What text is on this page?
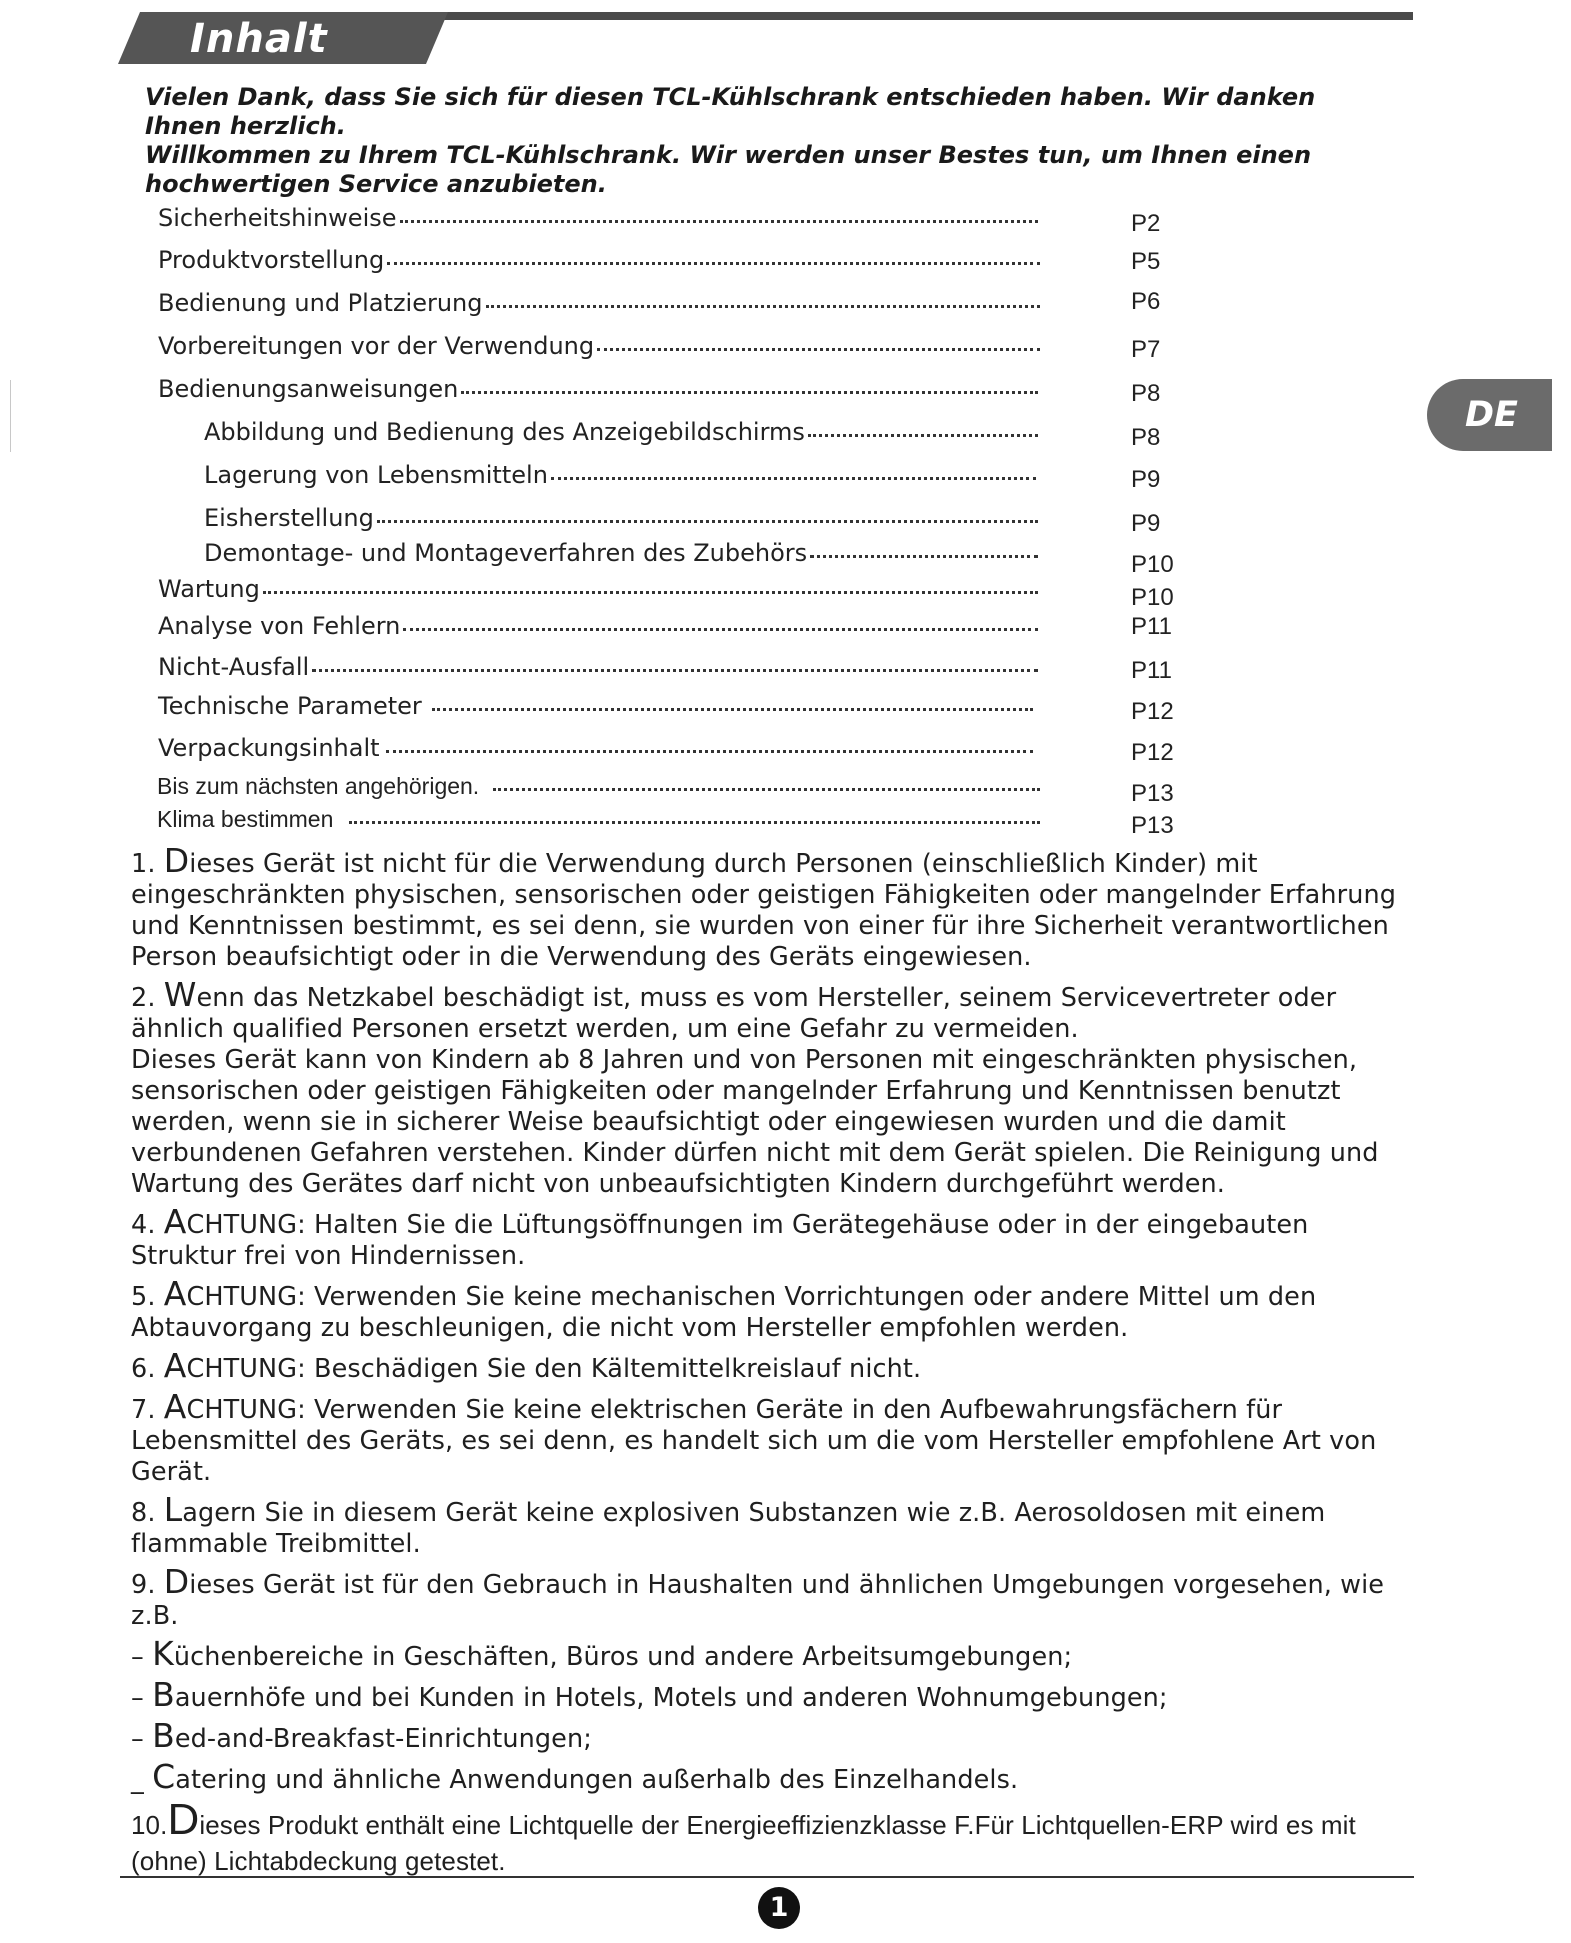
Inhalt
DE

Vielen Dank, dass Sie sich für diesen TCL-Kühlschrank entschieden haben. Wir danken Ihnen herzlich.

Willkommen zu Ihrem TCL-Kühlschrank. Wir werden unser Bestes tun, um Ihnen einen hochwertigen Service anzubieten.

Sicherheitshinweise	P2
Produktvorstellung	P5
Bedienung und Platzierung	P6
Vorbereitungen vor der Verwendung	P7
Bedienungsanweisungen	P8
Abbildung und Bedienung des Anzeigebildschirms	P8
Lagerung von Lebensmitteln	P9
Eisherstellung	P9
Demontage- und Montageverfahren des Zubehörs	P10
Wartung	P10
Analyse von Fehlern	P11
Nicht-Ausfall	P11
Technische Parameter	P12
Verpackungsinhalt	P12
Bis zum nächsten angehörigen.	P13
Klima bestimmen	P13

1. Dieses Gerät ist nicht für die Verwendung durch Personen (einschließlich Kinder) mit eingeschränkten physischen, sensorischen oder geistigen Fähigkeiten oder mangelnder Erfahrung und Kenntnissen bestimmt, es sei denn, sie wurden von einer für ihre Sicherheit verantwortlichen Person beaufsichtigt oder in die Verwendung des Geräts eingewiesen.

2. Wenn das Netzkabel beschädigt ist, muss es vom Hersteller, seinem Servicevertreter oder ähnlich qualified Personen ersetzt werden, um eine Gefahr zu vermeiden.

Dieses Gerät kann von Kindern ab 8 Jahren und von Personen mit eingeschränkten physischen, sensorischen oder geistigen Fähigkeiten oder mangelnder Erfahrung und Kenntnissen benutzt werden, wenn sie in sicherer Weise beaufsichtigt oder eingewiesen wurden und die damit verbundenen Gefahren verstehen. Kinder dürfen nicht mit dem Gerät spielen. Die Reinigung und Wartung des Gerätes darf nicht von unbeaufsichtigten Kindern durchgeführt werden.

4. ACHTUNG: Halten Sie die Lüftungsöffnungen im Gerätegehäuse oder in der eingebauten Struktur frei von Hindernissen.

5. ACHTUNG: Verwenden Sie keine mechanischen Vorrichtungen oder andere Mittel um den Abtauvorgang zu beschleunigen, die nicht vom Hersteller empfohlen werden.

6. ACHTUNG: Beschädigen Sie den Kältemittelkreislauf nicht.

7. ACHTUNG: Verwenden Sie keine elektrischen Geräte in den Aufbewahrungsfächern für Lebensmittel des Geräts, es sei denn, es handelt sich um die vom Hersteller empfohlene Art von Gerät.

8. Lagern Sie in diesem Gerät keine explosiven Substanzen wie z.B. Aerosoldosen mit einem flammable Treibmittel.

9. Dieses Gerät ist für den Gebrauch in Haushalten und ähnlichen Umgebungen vorgesehen, wie z.B.

– Küchenbereiche in Geschäften, Büros und andere Arbeitsumgebungen;

– Bauernhöfe und bei Kunden in Hotels, Motels und anderen Wohnumgebungen;

– Bed-and-Breakfast-Einrichtungen;

_ Catering und ähnliche Anwendungen außerhalb des Einzelhandels.

10.Dieses Produkt enthält eine Lichtquelle der Energieeffizienzklasse F.Für Lichtquellen-ERP wird es mit (ohne) Lichtabdeckung getestet.

1
